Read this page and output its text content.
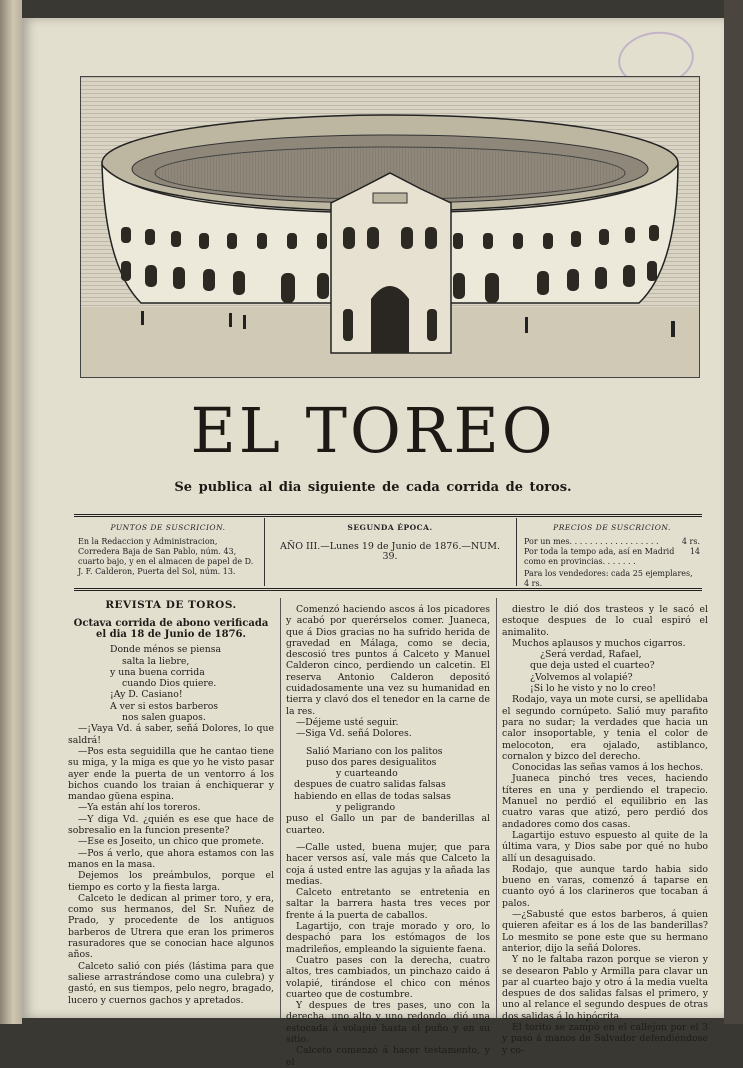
EL TOREO
Se publica al dia siguiente de cada corrida de toros.
PUNTOS DE SUSCRICION.
En la Redaccion y Administracion, Corredera Baja de San Pablo, núm. 43, cuarto bajo, y en el almacen de papel de D. J. F. Calderon, Puerta del Sol, núm. 13.
SEGUNDA ÉPOCA.
AÑO III.—Lunes 19 de Junio de 1876.—NUM. 39.
PRECIOS DE SUSCRICION.
Por un mes. . . . . . . . . . . . . . . . . .	4 rs.
Por toda la tempo ada, así en Madrid como en provincias. . . . . . .
14
Para los vendedores: cada 25 ejemplares, 4 rs.
REVISTA DE TOROS.
Octava corrida de abono verificada el dia 18 de Junio de 1876.

Donde ménos se piensa

salta la liebre,

y una buena corrida

cuando Dios quiere.

¡Ay D. Casiano!

A ver si estos barberos

nos salen guapos.

—¡Vaya Vd. á saber, señá Dolores, lo que saldrá!

—Pos esta seguidilla que he cantao tiene su miga, y la miga es que yo he visto pasar ayer ende la puerta de un ventorro á los bichos cuando los traian á enchiquerar y mandao güena espina.

—Ya están ahí los toreros.

—Y diga Vd. ¿quién es ese que hace de sobresalio en la funcion presente?

—Ese es Joseito, un chico que promete.

—Pos á verlo, que ahora estamos con las manos en la masa.

Dejemos los preámbulos, porque el tiempo es corto y la fiesta larga.

Calceto le dedican al primer toro, y era, como sus hermanos, del Sr. Nuñez de Prado, y procedente de los antiguos barberos de Utrera que eran los primeros rasuradores que se conocian hace algunos años.

Calceto salió con piés (lástima para que saliese arrastrándose como una culebra) y gastó, en sus tiempos, pelo negro, bragado, lucero y cuernos gachos y apretados.

Comenzó haciendo ascos á los picadores y acabó por querérselos comer. Juaneca, que á Dios gracias no ha sufrido herida de gravedad en Málaga, como se decia, descosió tres puntos á Calceto y Manuel Calderon cinco, perdiendo un calcetin. El reserva Antonio Calderon depositó cuidadosamente una vez su humanidad en tierra y clavó dos el tenedor en la carne de la res.

—Déjeme usté seguir.

—Siga Vd. señá Dolores.

Salió Mariano con los palitos

puso dos pares desigualitos

y cuarteando

despues de cuatro salidas falsas

habiendo en ellas de todas salsas

y peligrando

puso el Gallo un par de banderillas al cuarteo.

—Calle usted, buena mujer, que para hacer versos así, vale más que Calceto la coja á usted entre las agujas y la añada las medias.

Calceto entretanto se entretenia en saltar la barrera hasta tres veces por frente á la puerta de caballos.

Lagartijo, con traje morado y oro, lo despachó para los estómagos de los madrileños, empleando la siguiente faena.

Cuatro pases con la derecha, cuatro altos, tres cambiados, un pinchazo caido á volapié, tirándose el chico con ménos cuarteo que de costumbre.

Y despues de tres pases, uno con la derecha, uno alto y uno redondo, dió una estocada á volapié hasta el puño y en su sitio.

Calceto comenzó á hacer testamento, y el

diestro le dió dos trasteos y le sacó el estoque despues de lo cual espiró el animalito.

Muchos aplausos y muchos cigarros.

¿Será verdad, Rafael,

que deja usted el cuarteo?

¿Volvemos al volapié?

¡Si lo he visto y no lo creo!

Rodajo, vaya un mote cursi, se apellidaba el segundo cornúpeto. Salió muy parafito para no sudar; la verdades que hacia un calor insoportable, y tenia el color de melocoton, era ojalado, astiblanco, cornalon y bizco del derecho.

Conocidas las señas vamos á los hechos.

Juaneca pinchó tres veces, haciendo títeres en una y perdiendo el trapecio. Manuel no perdió el equilibrio en las cuatro varas que atizó, pero perdió dos andadores como dos casas.

Lagartijo estuvo espuesto al quite de la última vara, y Dios sabe por qué no hubo allí un desaguisado.

Rodajo, que aunque tardo habia sido bueno en varas, comenzó á taparse en cuanto oyó á los clarineros que tocaban á palos.

—¿Sabusté que estos barberos, á quien quieren afeitar es á los de las banderillas? Lo mesmito se pone este que su hermano anterior, dijo la señá Dolores.

Y no le faltaba razon porque se vieron y se desearon Pablo y Armilla para clavar un par al cuarteo bajo y otro á la media vuelta despues de dos salidas falsas el primero, y uno al relance el segundo despues de otras dos salidas á lo hipócrita.

El torito se zampó en el callejon por el 3 y pasó á manos de Salvador defendiéndose y co-
